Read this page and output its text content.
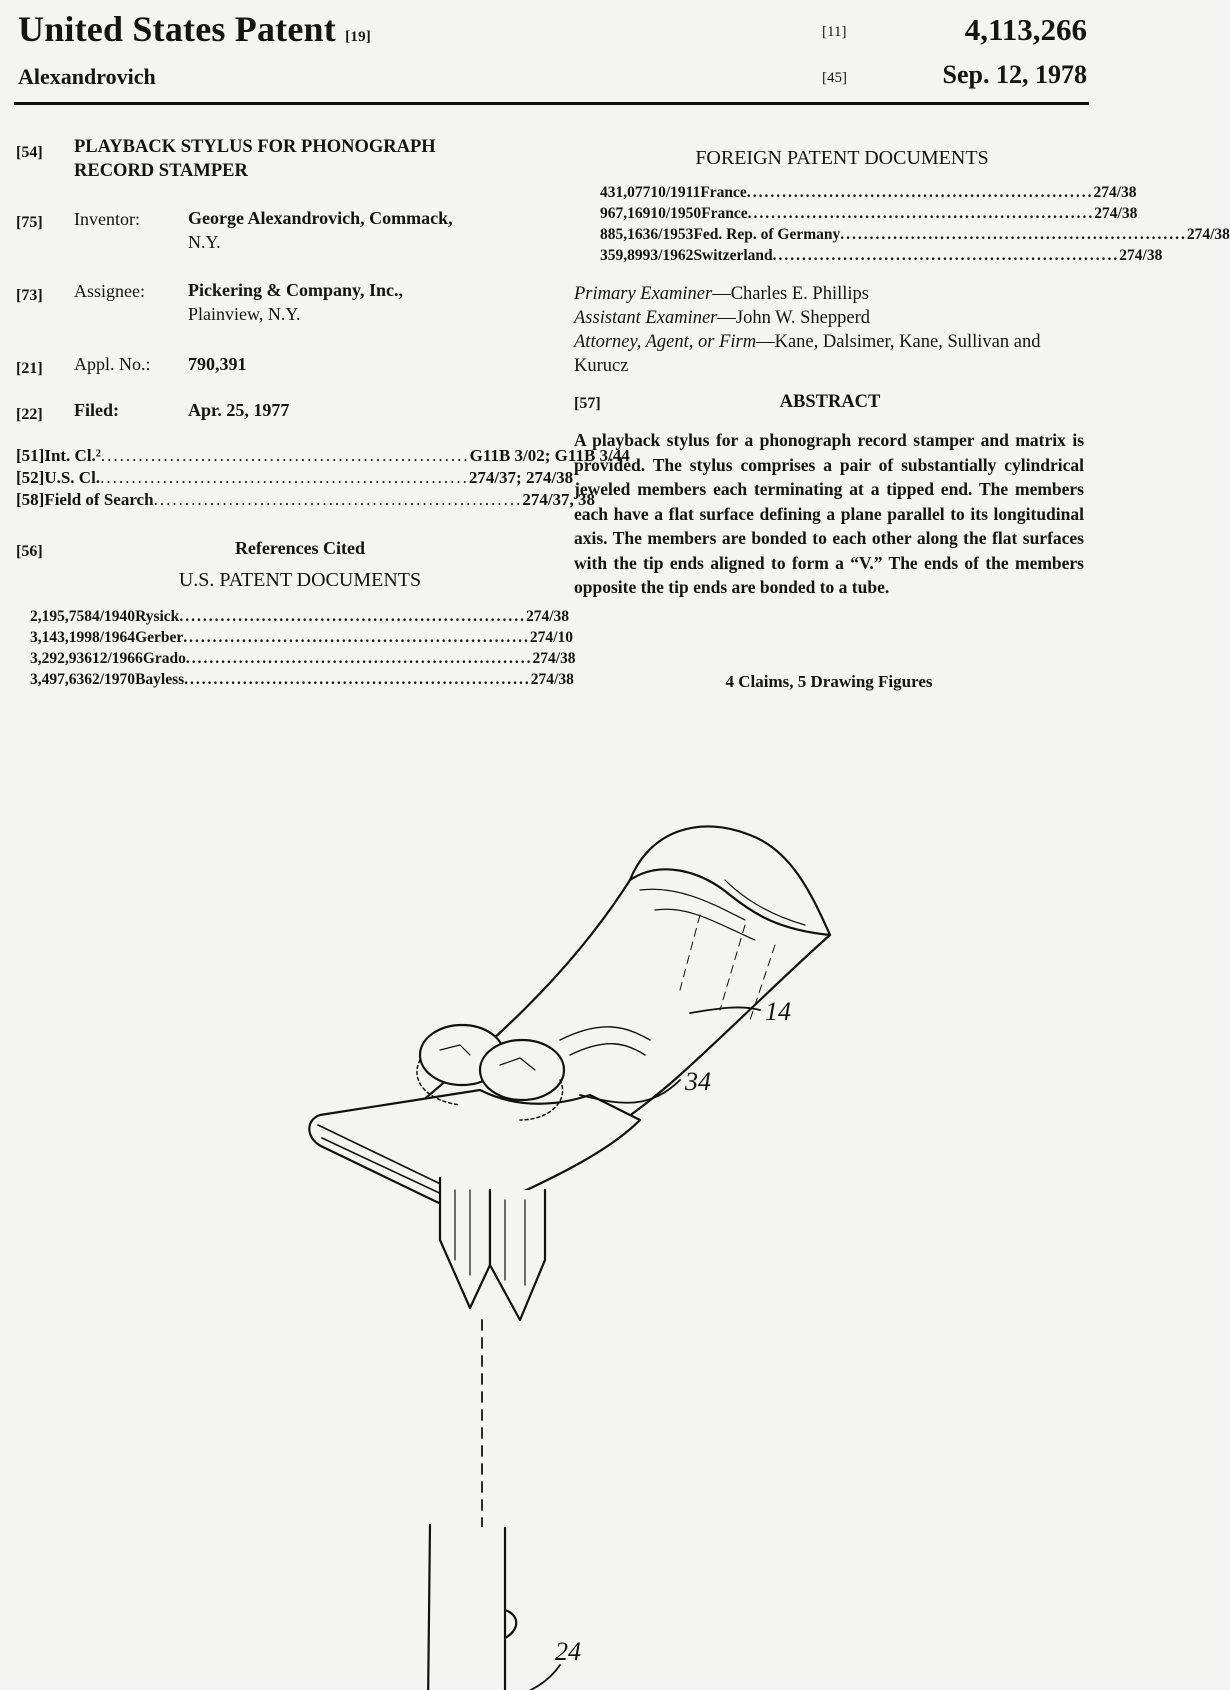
United States Patent [19]
Alexandrovich
[11]	4,113,266
[45]	Sep. 12, 1978
[54] PLAYBACK STYLUS FOR PHONOGRAPH
RECORD STAMPER
[75] Inventor:	George Alexandrovich, Commack,
N.Y.
[73] Assignee: Pickering & Company, Inc.,
Plainview, N.Y.
[21] Appl. No.: 790,391
[22] Filed:	Apr. 25, 1977
[51] Int. Cl.² ........................................................... G11B 3/02; G11B 3/44
[52] U.S. Cl. ........................................................... 274/37; 274/38
[58] Field of Search ........................................................... 274/37, 38
[56]	References Cited
U.S. PATENT DOCUMENTS
2,195,758 4/1940 Rysick ........................................................... 274/38
3,143,199 8/1964 Gerber ........................................................... 274/10
3,292,936 12/1966 Grado ........................................................... 274/38
3,497,636 2/1970 Bayless ........................................................... 274/38
FOREIGN PATENT DOCUMENTS
431,077 10/1911 France ........................................................... 274/38
967,169 10/1950 France ........................................................... 274/38
885,163 6/1953 Fed. Rep. of Germany ........................................................... 274/38
359,899 3/1962 Switzerland ........................................................... 274/38
Primary Examiner—Charles E. Phillips
Assistant Examiner—John W. Shepperd
Attorney, Agent, or Firm—Kane, Dalsimer, Kane, Sullivan and Kurucz
[57]	ABSTRACT
A playback stylus for a phonograph record stamper and matrix is provided. The stylus comprises a pair of substantially cylindrical jeweled members each terminating at a tipped end. The members each have a flat surface defining a plane parallel to its longitudinal axis. The members are bonded to each other along the flat surfaces with the tip ends aligned to form a “V.” The ends of the members opposite the tip ends are bonded to a tube.
4 Claims, 5 Drawing Figures
14
34
24
